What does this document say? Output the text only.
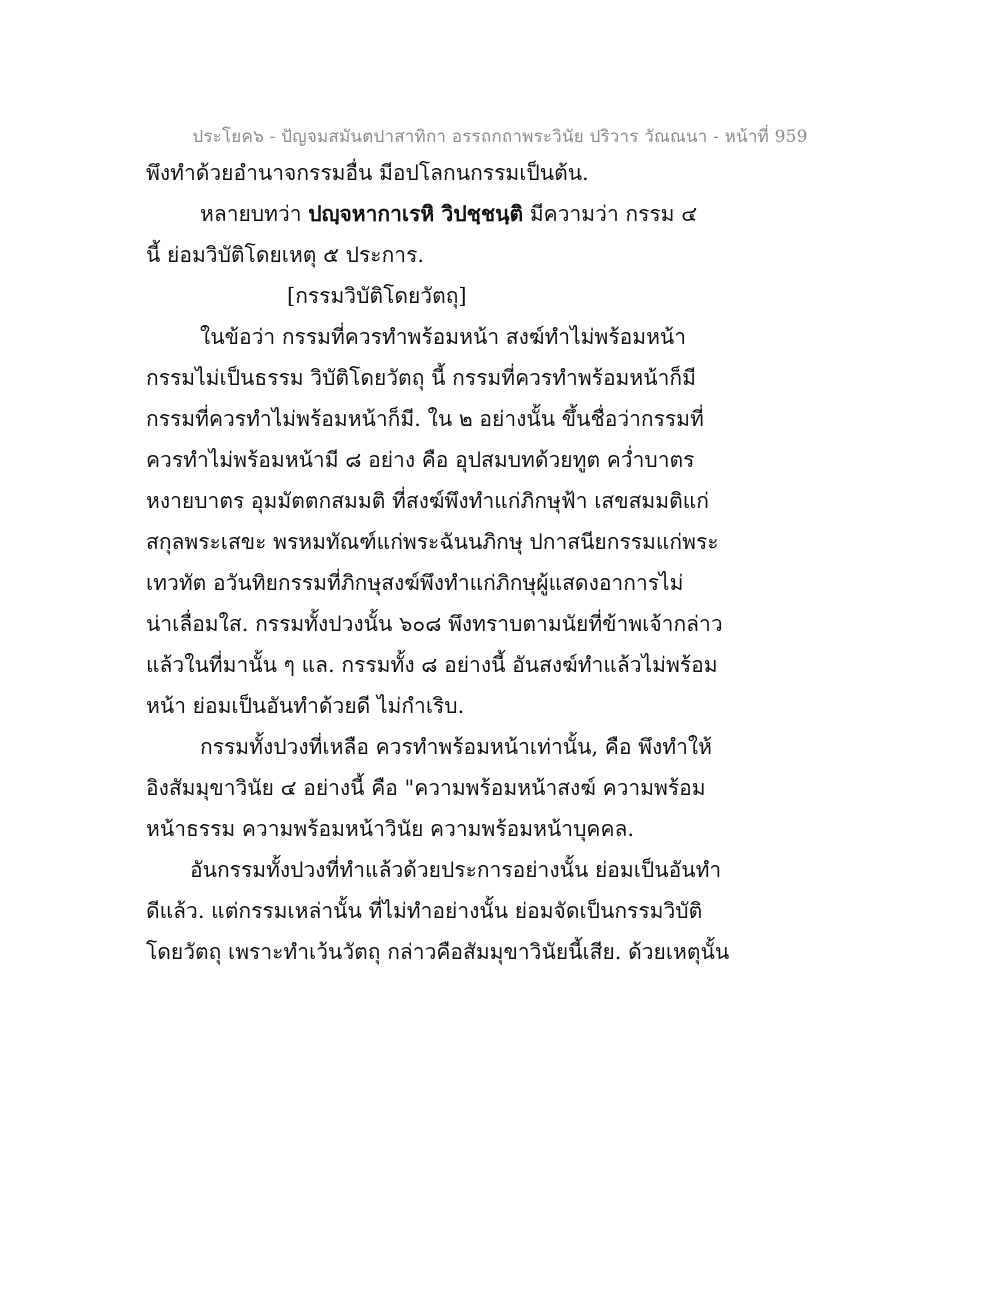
ประโยค๖ - ปัญจมสมันตปาสาทิกา อรรถกถาพระวินัย ปริวาร วัณณนา - หน้าที่ 959
พึงทำด้วยอำนาจกรรมอื่น มีอปโลกนกรรมเป็นต้น.
หลายบทว่า ปญฺจหากาเรหิ วิปชฺชนฺติ มีความว่า กรรม ๔
นี้ ย่อมวิบัติโดยเหตุ ๕ ประการ.
[กรรมวิบัติโดยวัตถุ]
ในข้อว่า กรรมที่ควรทำพร้อมหน้า สงฆ์ทำไม่พร้อมหน้า
กรรมไม่เป็นธรรม วิบัติโดยวัตถุ นี้ กรรมที่ควรทำพร้อมหน้าก็มี
กรรมที่ควรทำไม่พร้อมหน้าก็มี. ใน ๒ อย่างนั้น ขึ้นชื่อว่ากรรมที่
ควรทำไม่พร้อมหน้ามี ๘ อย่าง คือ อุปสมบทด้วยทูต คว่ำบาตร
หงายบาตร อุมมัตตกสมมติ ที่สงฆ์พึงทำแก่ภิกษุฟ้า เสขสมมติแก่
สกุลพระเสขะ พรหมทัณฑ์แก่พระฉันนภิกษุ ปกาสนียกรรมแก่พระ
เทวทัต อวันทิยกรรมที่ภิกษุสงฆ์พึงทำแก่ภิกษุผู้แสดงอาการไม่
น่าเลื่อมใส. กรรมทั้งปวงนั้น ๖๐๘ พึงทราบตามนัยที่ข้าพเจ้ากล่าว
แล้วในที่มานั้น ๆ แล. กรรมทั้ง ๘ อย่างนี้ อันสงฆ์ทำแล้วไม่พร้อม
หน้า ย่อมเป็นอันทำด้วยดี ไม่กำเริบ.
กรรมทั้งปวงที่เหลือ ควรทำพร้อมหน้าเท่านั้น, คือ พึงทำให้
อิงสัมมุขาวินัย ๔ อย่างนี้ คือ "ความพร้อมหน้าสงฆ์ ความพร้อม
หน้าธรรม ความพร้อมหน้าวินัย ความพร้อมหน้าบุคคล.
อันกรรมทั้งปวงที่ทำแล้วด้วยประการอย่างนั้น ย่อมเป็นอันทำ
ดีแล้ว. แต่กรรมเหล่านั้น ที่ไม่ทำอย่างนั้น ย่อมจัดเป็นกรรมวิบัติ
โดยวัตถุ เพราะทำเว้นวัตถุ กล่าวคือสัมมุขาวินัยนี้เสีย. ด้วยเหตุนั้น
